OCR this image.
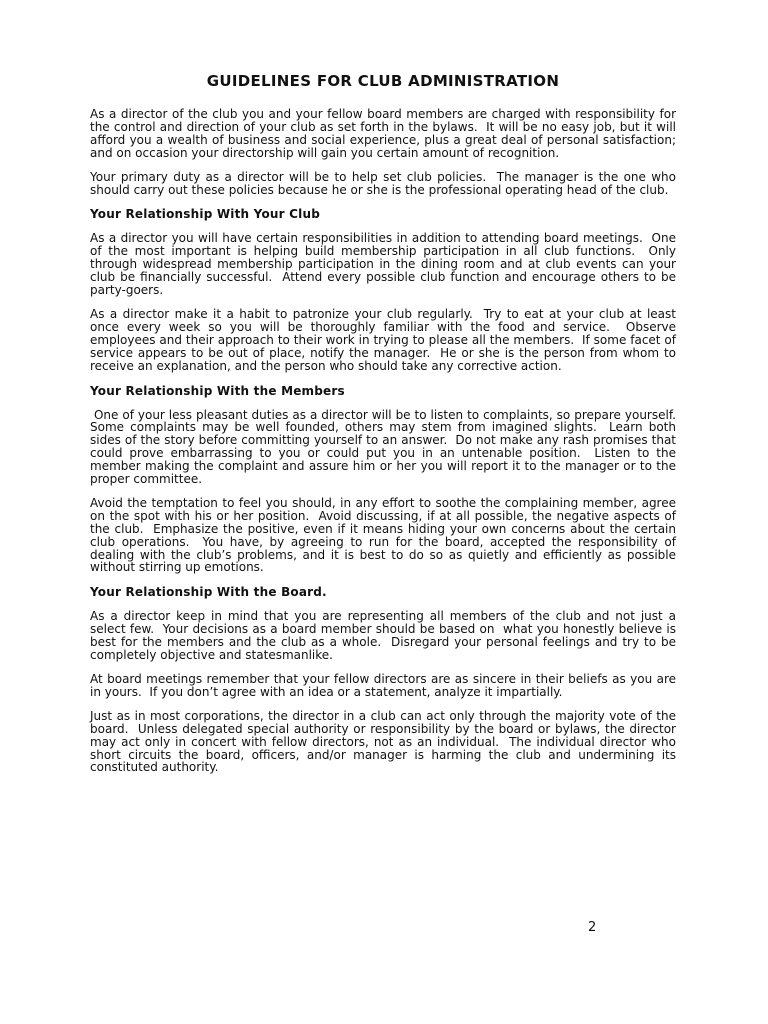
GUIDELINES FOR CLUB ADMINISTRATION

As a director of the club you and your fellow board members are charged with responsibility for the control and direction of your club as set forth in the bylaws.  It will be no easy job, but it will afford you a wealth of business and social experience, plus a great deal of personal satisfaction; and on occasion your directorship will gain you certain amount of recognition.

Your primary duty as a director will be to help set club policies.  The manager is the one who should carry out these policies because he or she is the professional operating head of the club.

Your Relationship With Your Club

As a director you will have certain responsibilities in addition to attending board meetings.  One of the most important is helping build membership participation in all club functions.  Only through widespread membership participation in the dining room and at club events can your club be financially successful.  Attend every possible club function and encourage others to be party-goers.

As a director make it a habit to patronize your club regularly.  Try to eat at your club at least once every week so you will be thoroughly familiar with the food and service.  Observe employees and their approach to their work in trying to please all the members.  If some facet of service appears to be out of place, notify the manager.  He or she is the person from whom to receive an explanation, and the person who should take any corrective action.

Your Relationship With the Members

One of your less pleasant duties as a director will be to listen to complaints, so prepare yourself.  Some complaints may be well founded, others may stem from imagined slights.  Learn both sides of the story before committing yourself to an answer.  Do not make any rash promises that could prove embarrassing to you or could put you in an untenable position.  Listen to the member making the complaint and assure him or her you will report it to the manager or to the proper committee.

Avoid the temptation to feel you should, in any effort to soothe the complaining member, agree on the spot with his or her position.  Avoid discussing, if at all possible, the negative aspects of the club.  Emphasize the positive, even if it means hiding your own concerns about the certain club operations.  You have, by agreeing to run for the board, accepted the responsibility of dealing with the club’s problems, and it is best to do so as quietly and efficiently as possible without stirring up emotions.

Your Relationship With the Board.

As a director keep in mind that you are representing all members of the club and not just a select few.  Your decisions as a board member should be based on  what you honestly believe is best for the members and the club as a whole.  Disregard your personal feelings and try to be completely objective and statesmanlike.

At board meetings remember that your fellow directors are as sincere in their beliefs as you are in yours.  If you don’t agree with an idea or a statement, analyze it impartially.

Just as in most corporations, the director in a club can act only through the majority vote of the board.  Unless delegated special authority or responsibility by the board or bylaws, the director may act only in concert with fellow directors, not as an individual.  The individual director who  short circuits the board, officers, and/or manager is harming the club and undermining its constituted authority.

2
